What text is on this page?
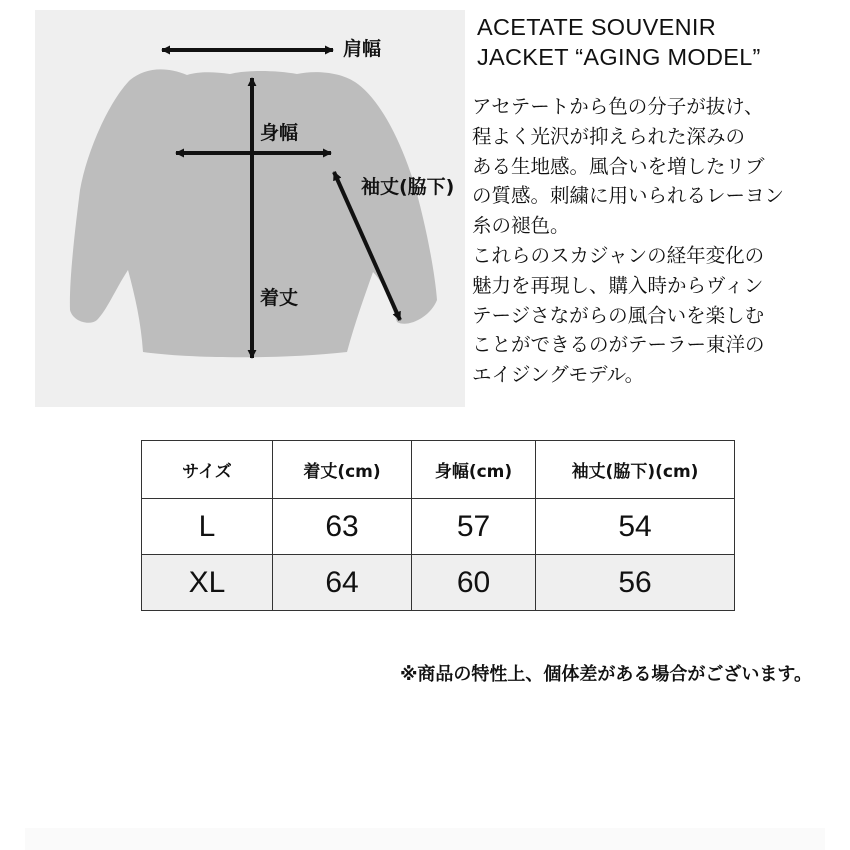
肩幅
身幅
袖丈(脇下)
着丈
ACETATE SOUVENIR
JACKET “AGING MODEL”
アセテートから色の分子が抜け、
程よく光沢が抑えられた深みの
ある生地感。風合いを増したリブ
の質感。刺繍に用いられるレーヨン
糸の褪色。
これらのスカジャンの経年変化の
魅力を再現し、購入時からヴィン
テージさながらの風合いを楽しむ
ことができるのがテーラー東洋の
エイジングモデル。
サイズ	着丈(cm)	身幅(cm)	袖丈(脇下)(cm)
L	63	57	54
XL	64	60	56
※商品の特性上、個体差がある場合がございます。
